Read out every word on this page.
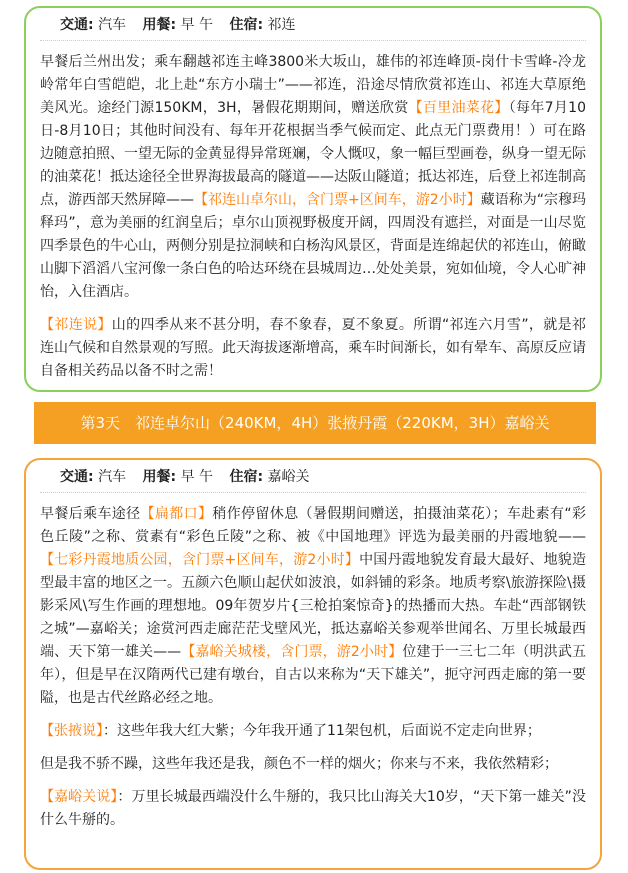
交通: 汽车 用餐: 早 午 住宿: 祁连

早餐后兰州出发；乘车翻越祁连主峰3800米大坂山，雄伟的祁连峰顶-岗什卡雪峰-冷龙岭常年白雪皑皑，北上赴“东方小瑞士”——祁连，沿途尽情欣赏祁连山、祁连大草原绝美风光。途经门源150KM，3H，暑假花期期间，赠送欣赏【百里油菜花】（每年7月10日-8月10日；其他时间没有、每年开花根据当季气候而定、此点无门票费用！）可在路边随意拍照、一望无际的金黄显得异常斑斓，令人慨叹，象一幅巨型画卷，纵身一望无际的油菜花！抵达途径全世界海拔最高的隧道——达阪山隧道；抵达祁连，后登上祁连制高点，游西部天然屏障——【祁连山卓尔山，含门票+区间车，游2小时】藏语称为“宗穆玛释玛”，意为美丽的红润皇后；卓尔山顶视野极度开阔，四周没有遮拦，对面是一山尽览四季景色的牛心山，两侧分别是拉洞峡和白杨沟风景区，背面是连绵起伏的祁连山，俯瞰山脚下滔滔八宝河像一条白色的哈达环绕在县城周边…处处美景，宛如仙境，令人心旷神怡，入住酒店。

【祁连说】山的四季从来不甚分明，春不象春，夏不象夏。所谓“祁连六月雪”，就是祁连山气候和自然景观的写照。此天海拔逐渐增高，乘车时间渐长，如有晕车、高原反应请自备相关药品以备不时之需！

第3天　祁连卓尔山（240KM，4H）张掖丹霞（220KM，3H）嘉峪关
交通: 汽车 用餐: 早 午 住宿: 嘉峪关

早餐后乘车途径【扁都口】稍作停留休息（暑假期间赠送，拍摄油菜花）；车赴素有“彩色丘陵”之称、赏素有“彩色丘陵”之称、被《中国地理》评选为最美丽的丹霞地貌——【七彩丹霞地质公园，含门票+区间车，游2小时】中国丹霞地貌发育最大最好、地貌造型最丰富的地区之一。五颜六色顺山起伏如波浪，如斜铺的彩条。地质考察\旅游探险\摄影采风\写生作画的理想地。09年贺岁片{三枪拍案惊奇}的热播而大热。车赴“西部钢铁之城”—嘉峪关；途赏河西走廊茫茫戈壁风光，抵达嘉峪关参观举世闻名、万里长城最西端、天下第一雄关——【嘉峪关城楼，含门票，游2小时】位建于一三七二年（明洪武五年），但是早在汉隋两代已建有墩台，自古以来称为“天下雄关”，扼守河西走廊的第一要隘，也是古代丝路必经之地。

【张掖说】：这些年我大红大紫；今年我开通了11架包机，后面说不定走向世界；

但是我不骄不躁，这些年我还是我，颜色不一样的烟火；你来与不来，我依然精彩；

【嘉峪关说】：万里长城最西端没什么牛掰的，我只比山海关大10岁，“天下第一雄关”没什么牛掰的。
